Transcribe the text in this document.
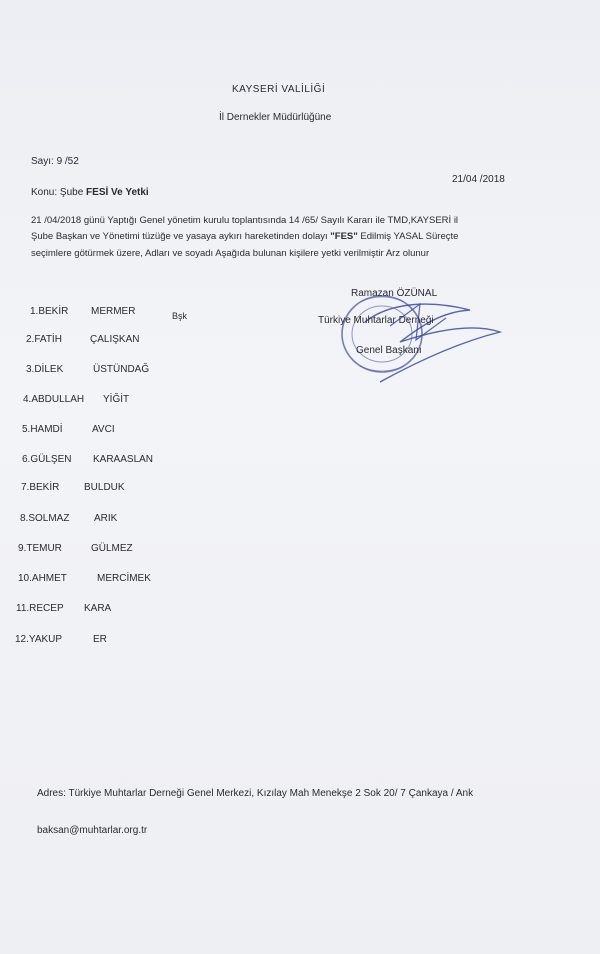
KAYSERİ VALİLİĞİ
İl Dernekler Müdürlüğüne
Sayı: 9 /52
21/04 /2018
Konu: Şube FESİ Ve Yetki
21 /04/2018 günü Yaptığı Genel yönetim kurulu toplantısında 14 /65/ Sayılı Kararı ile TMD,KAYSERİ il
Şube Başkan ve Yönetimi tüzüğe ve yasaya aykırı hareketinden dolayı "FES" Edilmiş YASAL Süreçte
seçimlere götürmek üzere, Adları ve soyadı Aşağıda bulunan kişilere yetki verilmiştir Arz olunur
1.BEKİR MERMER	Bşk
2.FATİH	ÇALIŞKAN
3.DİLEK	ÜSTÜNDAĞ
4.ABDULLAH YİĞİT
5.HAMDİ	AVCI
6.GÜLŞEN KARAASLAN
7.BEKİR BULDUK
8.SOLMAZ ARIK
9.TEMUR	GÜLMEZ
10.AHMET	MERCİMEK
11.RECEP KARA
12.YAKUP	ER
Ramazan ÖZÜNAL
Türkiye Muhtarlar Derneği
Genel Başkanı
Adres: Türkiye Muhtarlar Derneği Genel Merkezi, Kızılay Mah Menekşe 2 Sok 20/ 7 Çankaya / Ank
baksan@muhtarlar.org.tr
